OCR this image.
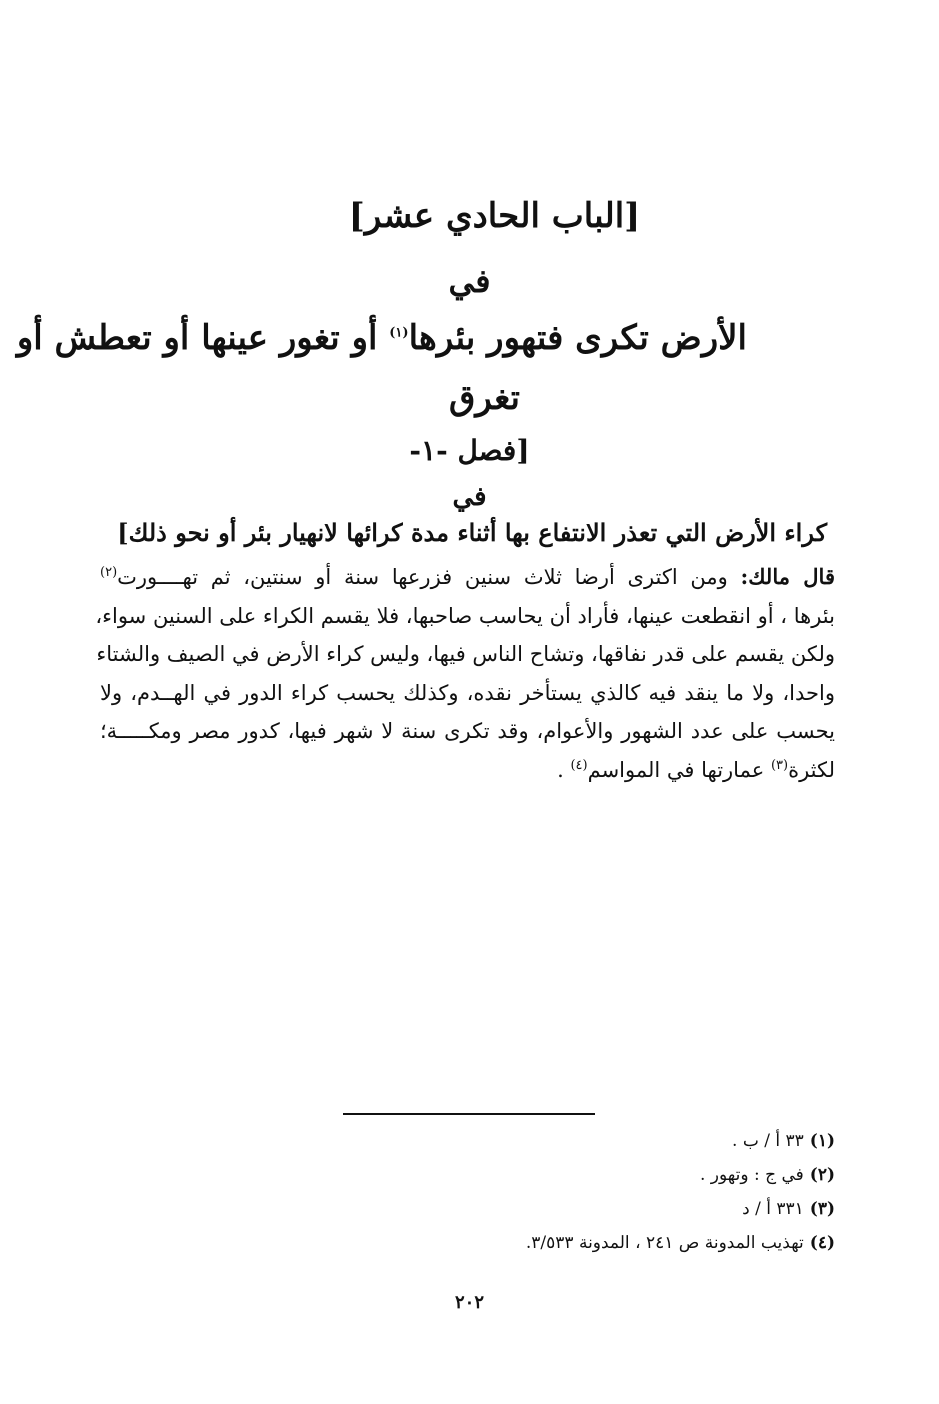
[الباب الحادي عشر]
في
الأرض تكرى فتهور بئرها$^{(١)}$ أو تغور عينها أو تعطش أو
تغرق
[فصل -١-
في
كراء الأرض التي تعذر الانتفاع بها أثناء مدة كرائها لانهيار بئر أو نحو ذلك]

قال مالك: ومن اكترى أرضا ثلاث سنين فزرعها سنة أو سنتين، ثم تهــــورت$^{(٢)}$
بئرها ، أو انقطعت عينها، فأراد أن يحاسب صاحبها، فلا يقسم الكراء على السنين سواء،
ولكن يقسم على قدر نفاقها، وتشاح الناس فيها، وليس كراء الأرض في الصيف والشتاء
واحدا، ولا ما ينقد فيه كالذي يستأخر نقده، وكذلك يحسب كراء الدور في الهــدم، ولا
يحسب على عدد الشهور والأعوام، وقد تكرى سنة لا شهر فيها، كدور مصر ومكـــــة؛
لكثرة$^{(٣)}$ عمارتها في المواسم$^{(٤)}$ .

(١)٣٣ أ / ب .
(٢)في ج : وتهور .
(٣)٣٣١ أ / د
(٤)تهذيب المدونة ص ٢٤١ ، المدونة ٣/٥٣٣.
٢٠٢
